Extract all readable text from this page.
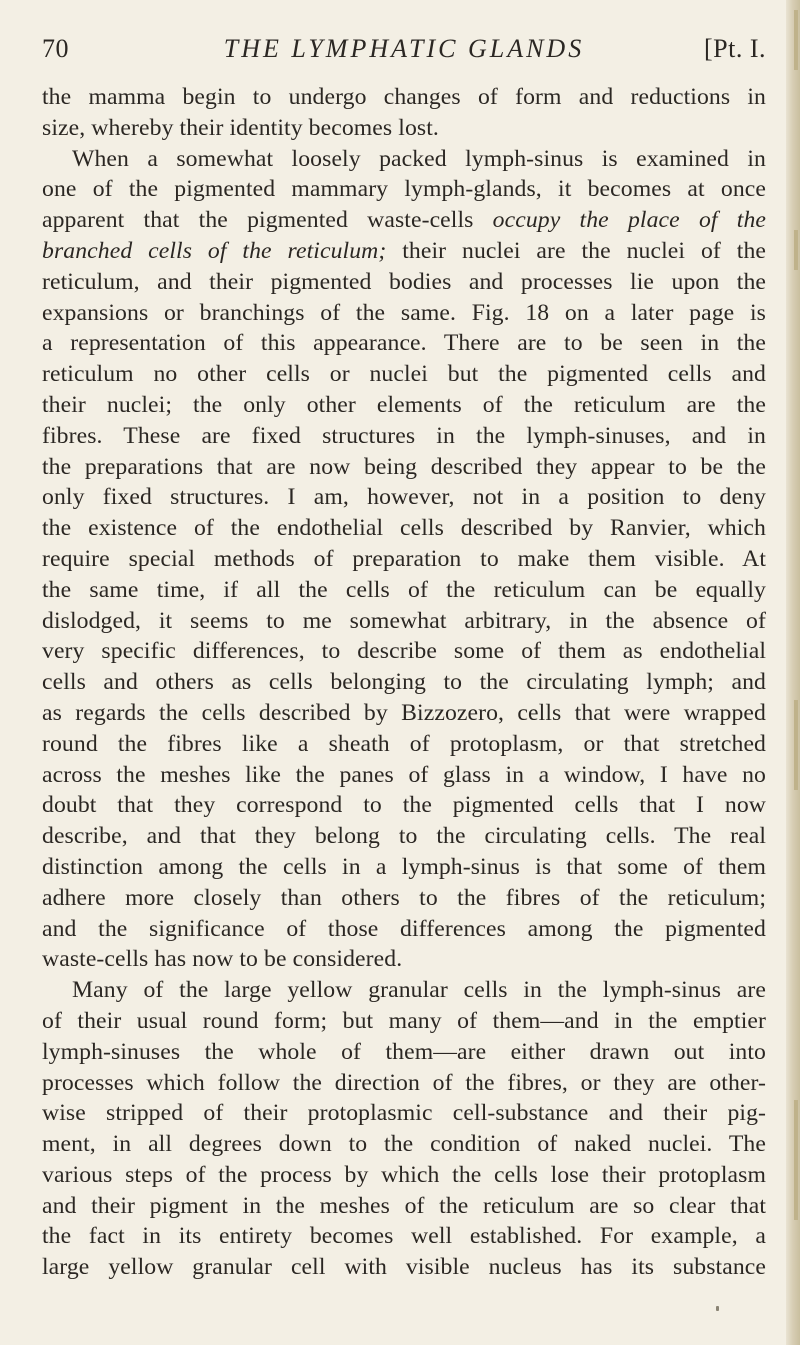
70	THE LYMPHATIC GLANDS	[Pt. I.
the mamma begin to undergo changes of form and reductions in
size, whereby their identity becomes lost.
When a somewhat loosely packed lymph-sinus is examined in
one of the pigmented mammary lymph-glands, it becomes at once
apparent that the pigmented waste-cells occupy the place of the
branched cells of the reticulum; their nuclei are the nuclei of the
reticulum, and their pigmented bodies and processes lie upon the
expansions or branchings of the same. Fig. 18 on a later page is
a representation of this appearance. There are to be seen in the
reticulum no other cells or nuclei but the pigmented cells and
their nuclei; the only other elements of the reticulum are the
fibres. These are fixed structures in the lymph-sinuses, and in
the preparations that are now being described they appear to be the
only fixed structures. I am, however, not in a position to deny
the existence of the endothelial cells described by Ranvier, which
require special methods of preparation to make them visible. At
the same time, if all the cells of the reticulum can be equally
dislodged, it seems to me somewhat arbitrary, in the absence of
very specific differences, to describe some of them as endothelial
cells and others as cells belonging to the circulating lymph; and
as regards the cells described by Bizzozero, cells that were wrapped
round the fibres like a sheath of protoplasm, or that stretched
across the meshes like the panes of glass in a window, I have no
doubt that they correspond to the pigmented cells that I now
describe, and that they belong to the circulating cells. The real
distinction among the cells in a lymph-sinus is that some of them
adhere more closely than others to the fibres of the reticulum;
and the significance of those differences among the pigmented
waste-cells has now to be considered.
Many of the large yellow granular cells in the lymph-sinus are
of their usual round form; but many of them—and in the emptier
lymph-sinuses the whole of them—are either drawn out into
processes which follow the direction of the fibres, or they are other-
wise stripped of their protoplasmic cell-substance and their pig-
ment, in all degrees down to the condition of naked nuclei. The
various steps of the process by which the cells lose their protoplasm
and their pigment in the meshes of the reticulum are so clear that
the fact in its entirety becomes well established. For example, a
large yellow granular cell with visible nucleus has its substance
